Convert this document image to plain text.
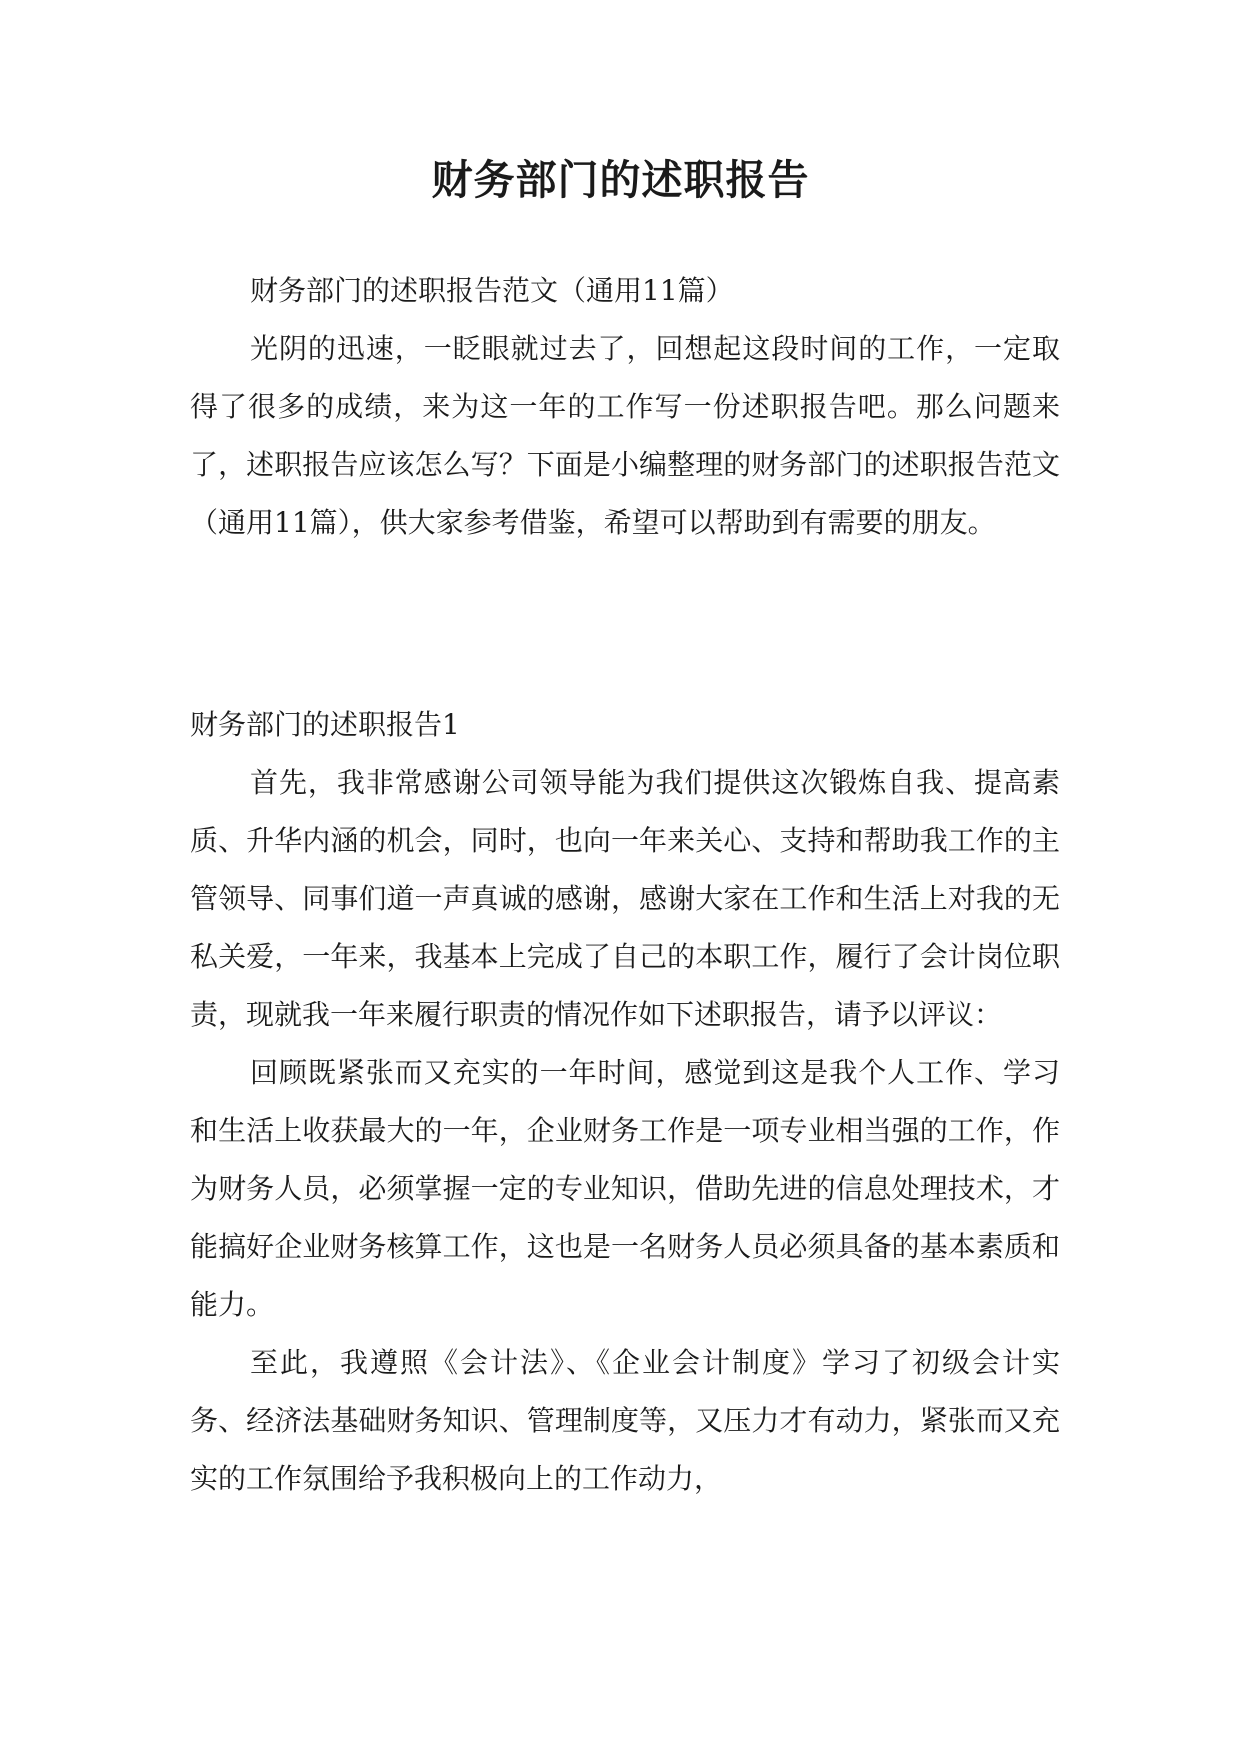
财务部门的述职报告

财务部门的述职报告范文（通用11篇）

光阴的迅速，一眨眼就过去了，回想起这段时间的工作，一定取得了很多的成绩，来为这一年的工作写一份述职报告吧。那么问题来了，述职报告应该怎么写？下面是小编整理的财务部门的述职报告范文（通用11篇），供大家参考借鉴，希望可以帮助到有需要的朋友。

财务部门的述职报告1

首先，我非常感谢公司领导能为我们提供这次锻炼自我、提高素质、升华内涵的机会，同时，也向一年来关心、支持和帮助我工作的主管领导、同事们道一声真诚的感谢，感谢大家在工作和生活上对我的无私关爱，一年来，我基本上完成了自己的本职工作，履行了会计岗位职责，现就我一年来履行职责的情况作如下述职报告，请予以评议：

回顾既紧张而又充实的一年时间，感觉到这是我个人工作、学习和生活上收获最大的一年，企业财务工作是一项专业相当强的工作，作为财务人员，必须掌握一定的专业知识，借助先进的信息处理技术，才能搞好企业财务核算工作，这也是一名财务人员必须具备的基本素质和能力。

至此，我遵照《会计法》、《企业会计制度》学习了初级会计实务、经济法基础财务知识、管理制度等，又压力才有动力，紧张而又充实的工作氛围给予我积极向上的工作动力，
